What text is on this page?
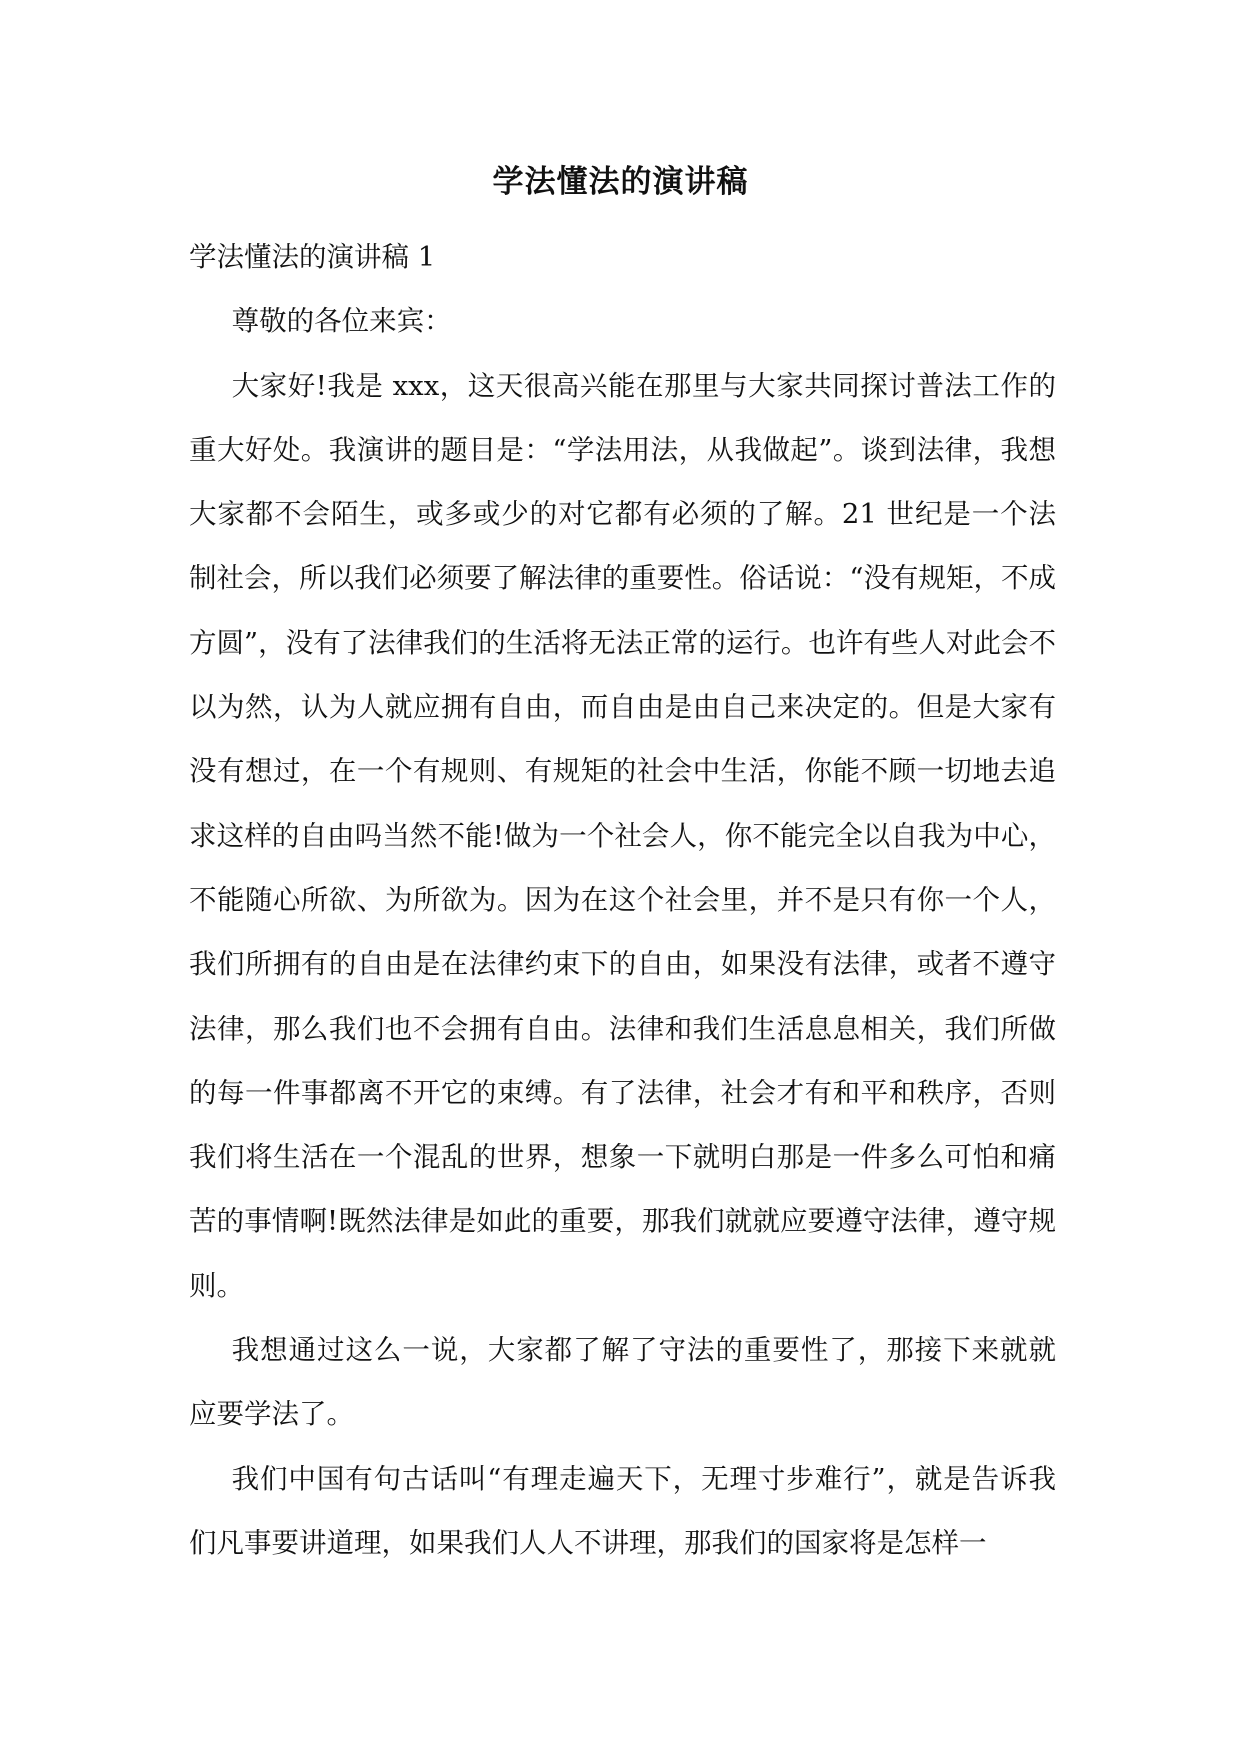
学法懂法的演讲稿

学法懂法的演讲稿 1

尊敬的各位来宾：

大家好!我是 xxx，这天很高兴能在那里与大家共同探讨普法工作的重大好处。我演讲的题目是：“学法用法，从我做起”。谈到法律，我想大家都不会陌生，或多或少的对它都有必须的了解。21 世纪是一个法制社会，所以我们必须要了解法律的重要性。俗话说：“没有规矩，不成方圆”，没有了法律我们的生活将无法正常的运行。也许有些人对此会不以为然，认为人就应拥有自由，而自由是由自己来决定的。但是大家有没有想过，在一个有规则、有规矩的社会中生活，你能不顾一切地去追求这样的自由吗当然不能!做为一个社会人，你不能完全以自我为中心，不能随心所欲、为所欲为。因为在这个社会里，并不是只有你一个人，我们所拥有的自由是在法律约束下的自由，如果没有法律，或者不遵守法律，那么我们也不会拥有自由。法律和我们生活息息相关，我们所做的每一件事都离不开它的束缚。有了法律，社会才有和平和秩序，否则我们将生活在一个混乱的世界，想象一下就明白那是一件多么可怕和痛苦的事情啊!既然法律是如此的重要，那我们就就应要遵守法律，遵守规则。

我想通过这么一说，大家都了解了守法的重要性了，那接下来就就应要学法了。

我们中国有句古话叫“有理走遍天下，无理寸步难行”，就是告诉我们凡事要讲道理，如果我们人人不讲理，那我们的国家将是怎样一
